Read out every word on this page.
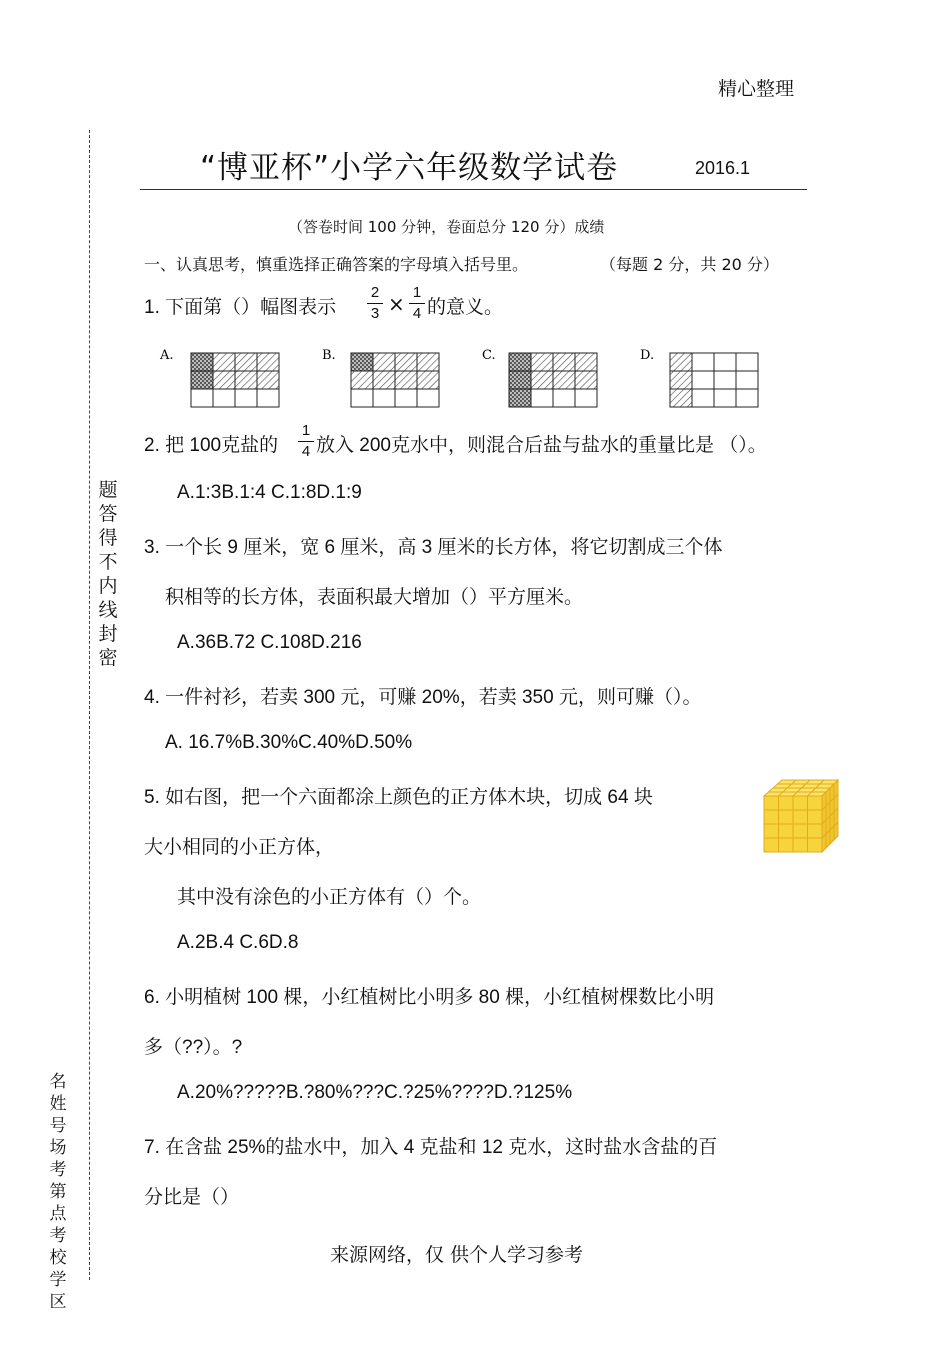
精心整理
“博亚杯”小学六年级数学试卷	2016.1
题答得不内线封密
名姓号场考第点考校学区
（答卷时间 100 分钟，卷面总分 120 分）成绩
一、认真思考，慎重选择正确答案的字母填入括号里。	（每题 2 分，共 20 分）
1. 下面第（）幅图表示
2
3 × 1
4 的意义。
A.	B.	C.	D.
2. 把 100克盐的
1
4 放入 200克水中，则混合后盐与盐水的重量比是 （）。
A.1:3B.1:4 C.1:8D.1:9
3. 一个长 9 厘米，宽 6 厘米，高 3 厘米的长方体，将它切割成三个体
积相等的长方体，表面积最大增加（）平方厘米。
A.36B.72 C.108D.216
4. 一件衬衫，若卖 300 元，可赚 20%，若卖 350 元，则可赚（）。
A. 16.7%B.30%C.40%D.50%
5. 如右图，把一个六面都涂上颜色的正方体木块，切成 64 块
大小相同的小正方体，
其中没有涂色的小正方体有（）个。
A.2B.4 C.6D.8
6. 小明植树 100 棵，小红植树比小明多 80 棵，小红植树棵数比小明
多（??）。?
A.20%?????B.?80%???C.?25%????D.?125%
7. 在含盐 25%的盐水中，加入 4 克盐和 12 克水，这时盐水含盐的百
分比是（）
来源网络，仅 供个人学习参考
